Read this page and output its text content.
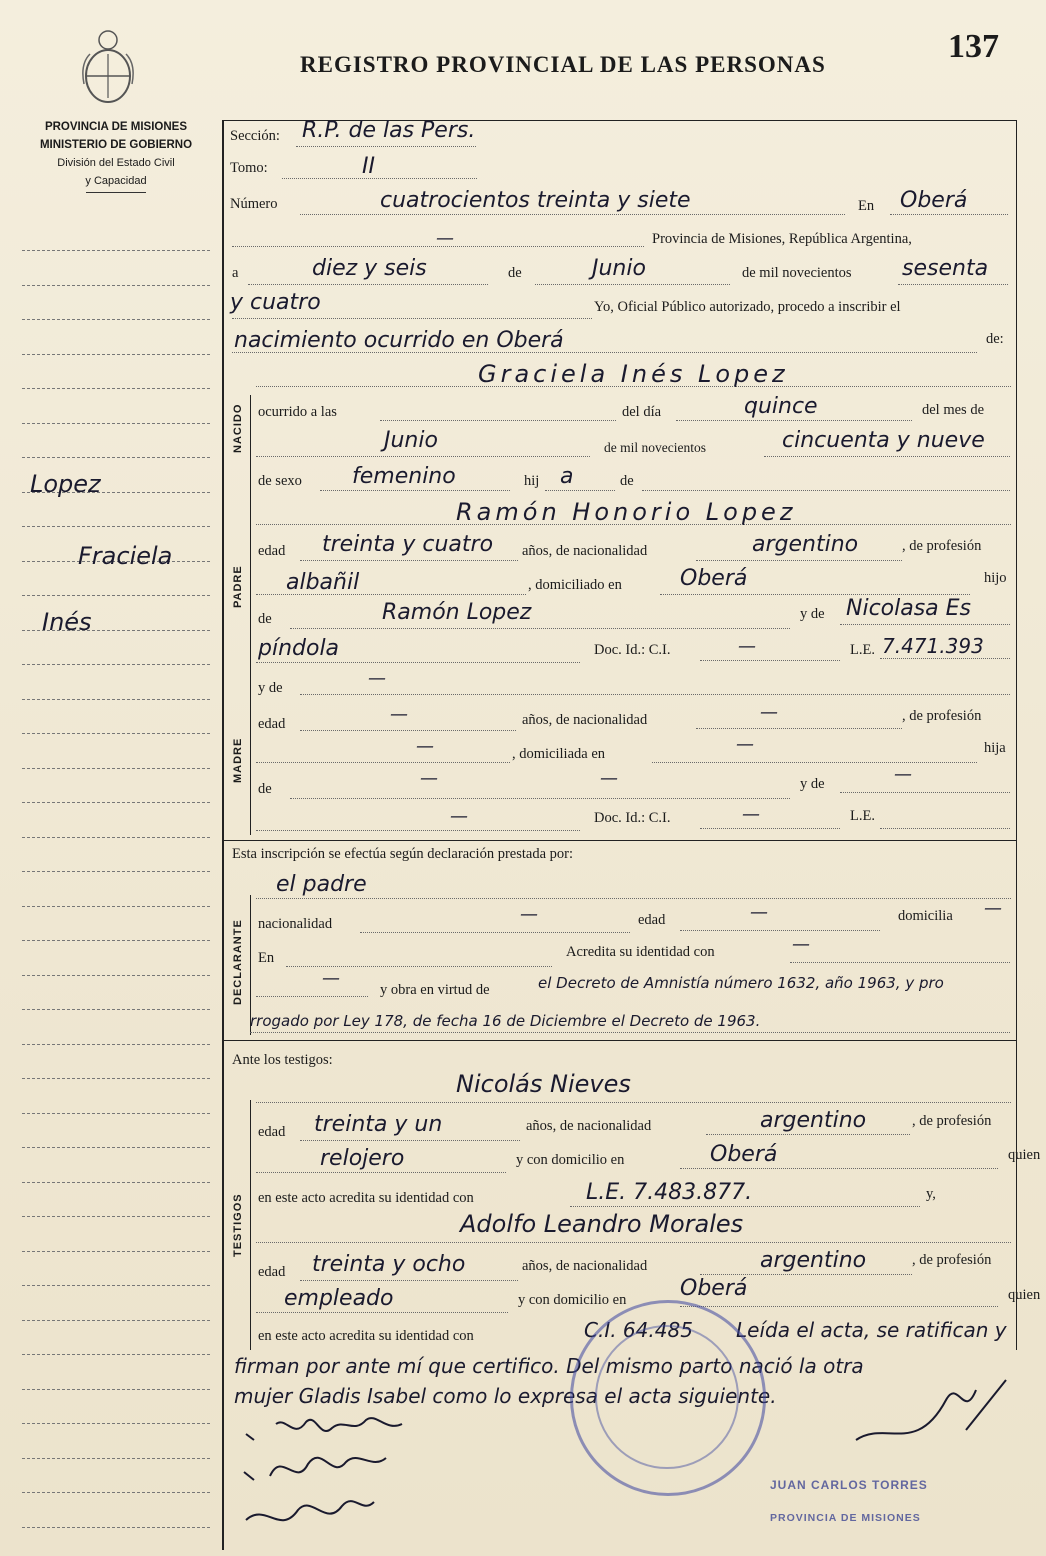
REGISTRO PROVINCIAL DE LAS PERSONAS	137
PROVINCIA DE MISIONES
MINISTERIO DE GOBIERNO
División del Estado Civil
y Capacidad
Lopez
Fraciela
Inés
NACIDO
PADRE
MADRE
DECLARANTE
TESTIGOS
Sección: R.P. de las Pers.
Tomo:	II
Número	cuatrocientos treinta y siete	En Oberá
—	Provincia de Misiones, República Argentina,
a	diez y seis	de	Junio	de mil novecientos sesenta
y cuatro	Yo, Oficial Público autorizado, procedo a inscribir el
nacimiento ocurrido en Oberá	de:
Graciela Inés Lopez
ocurrido a las	del día	quince	del mes de
Junio	de mil novecientos	cincuenta y nueve
de sexo femenino	hij a	de
Ramón Honorio Lopez
edad treinta y cuatro años, de nacionalidad	argentino	, de profesión
albañil	, domiciliado en	Oberá	hijo
de	Ramón Lopez	y de Nicolasa Es
píndola	Doc. Id.: C.I.	—	L.E. 7.471.393
y de	—
edad	—	años, de nacionalidad	—	, de profesión
—	, domiciliada en	—	hija
de	—	—	y de	—
—	Doc. Id.: C.I.	—	L.E.
Esta inscripción se efectúa según declaración prestada por:
el padre
nacionalidad	—	edad	—	domicilia —
En	Acredita su identidad con	—
—
y obra en virtud de	el Decreto de Amnistía número 1632, año 1963, y pro
rrogado por Ley 178, de fecha 16 de Diciembre el Decreto de 1963.
Ante los testigos:
Nicolás Nieves
edad treinta y un	años, de nacionalidad	argentino	, de profesión
relojero	y con domicilio en	Oberá	quien
en este acto acredita su identidad con	L.E. 7.483.877.	y,
Adolfo Leandro Morales
edad treinta y ocho	años, de nacionalidad	argentino	, de profesión
empleado	y con domicilio en Oberá	quien
en este acto acredita su identidad con	C.I. 64.485 Leída el acta, se ratifican y
firman por ante mí que certifico. Del mismo parto nació la otra
mujer Gladis Isabel como lo expresa el acta siguiente.
JUAN CARLOS TORRES
PROVINCIA DE MISIONES
